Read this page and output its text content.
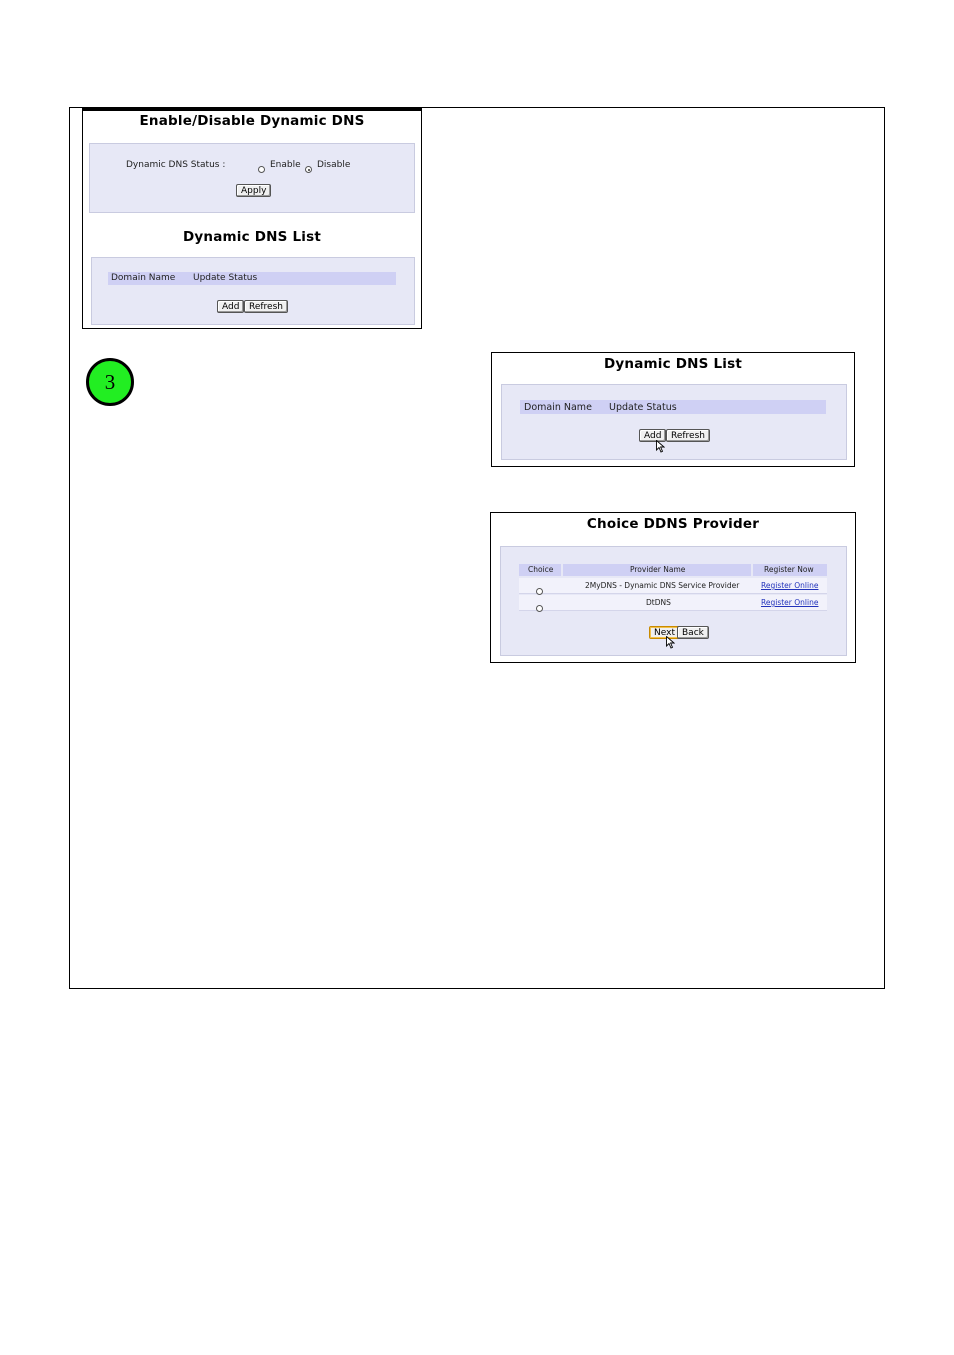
Enable/Disable Dynamic DNS
Dynamic DNS Status :	Enable Disable
Apply
Dynamic DNS List
Domain Name Update Status
Add	Refresh
3
Dynamic DNS List
Domain Name Update Status
Add	Refresh
Choice DDNS Provider
Choice	Provider Name	Register Now
2MyDNS - Dynamic DNS Service Provider	Register Online
DtDNS	Register Online
Next Back
